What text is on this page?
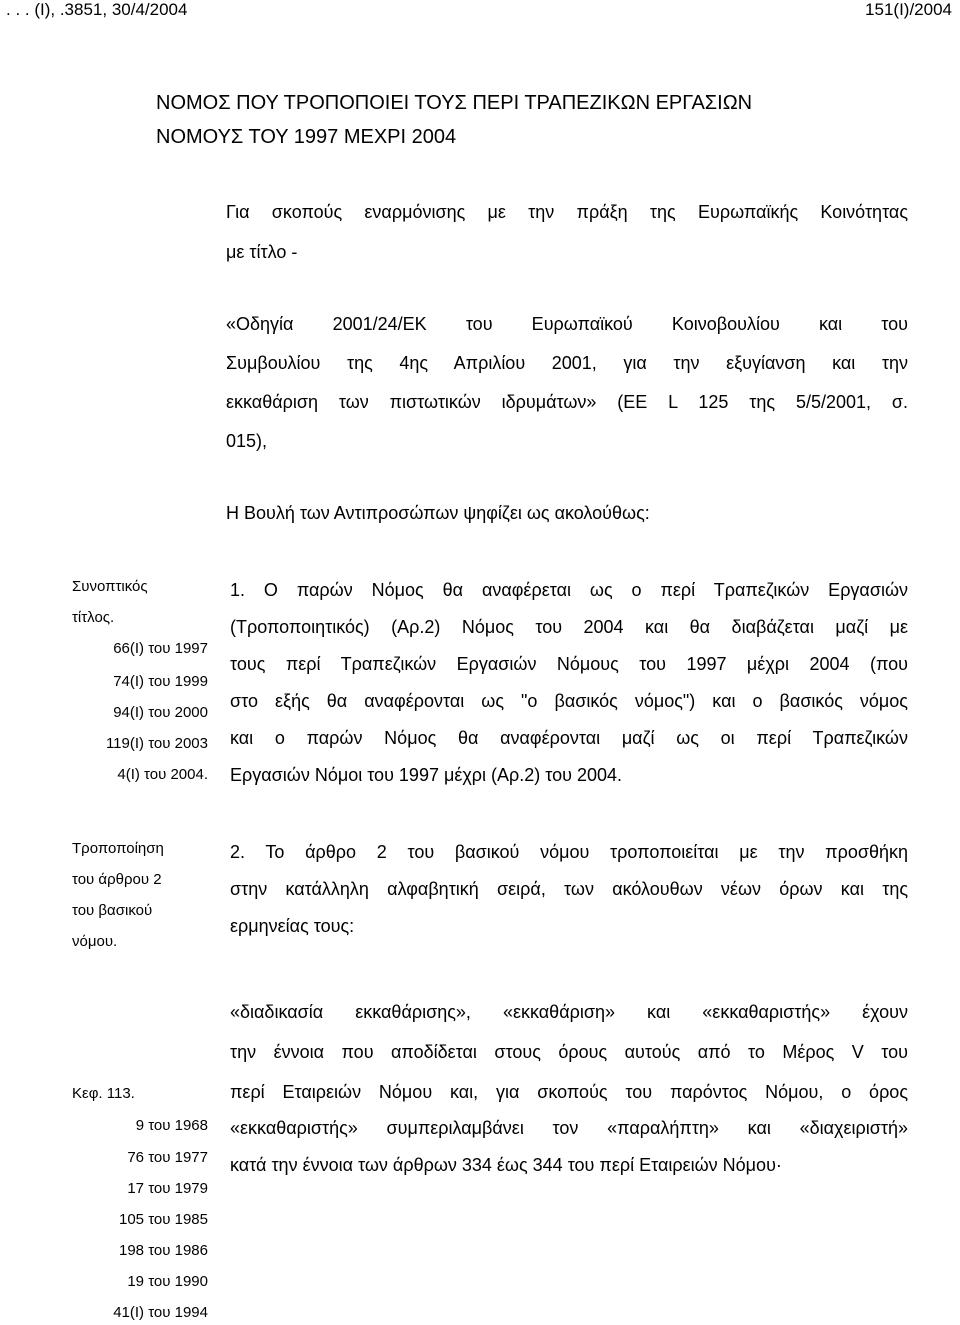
. . . (Ι), .3851, 30/4/2004	151(Ι)/2004
ΝΟΜΟΣ ΠΟΥ ΤΡΟΠΟΠΟΙΕΙ ΤΟΥΣ ΠΕΡΙ ΤΡΑΠΕΖΙΚΩΝ ΕΡΓΑΣΙΩΝ
ΝΟΜΟΥΣ ΤΟΥ 1997 ΜΕΧΡΙ 2004
Για σκοπούς εναρμόνισης με την πράξη της Ευρωπαϊκής Κοινότητας
με τίτλο -
«Οδηγία 2001/24/ΕΚ του Ευρωπαϊκού Κοινοβουλίου και του
Συμβουλίου της 4ης Απριλίου 2001, για την εξυγίανση και την
εκκαθάριση των πιστωτικών ιδρυμάτων» (ΕΕ L 125 της 5/5/2001, σ.
015),
Η Βουλή των Αντιπροσώπων ψηφίζει ως ακολούθως:
Συνοπτικός
τίτλος.
66(Ι) του 1997
74(Ι) του 1999
94(Ι) του 2000
119(Ι) του 2003
4(Ι) του 2004.
1. Ο παρών Νόμος θα αναφέρεται ως ο περί Τραπεζικών Εργασιών
(Τροποποιητικός) (Αρ.2) Νόμος του 2004 και θα διαβάζεται μαζί με
τους περί Τραπεζικών Εργασιών Νόμους του 1997 μέχρι 2004 (που
στο εξής θα αναφέρονται ως "ο βασικός νόμος") και ο βασικός νόμος
και ο παρών Νόμος θα αναφέρονται μαζί ως οι περί Τραπεζικών
Εργασιών Νόμοι του 1997 μέχρι (Αρ.2) του 2004.
Τροποποίηση
του άρθρου 2
του βασικού
νόμου.
2. Το άρθρο 2 του βασικού νόμου τροποποιείται με την προσθήκη
στην κατάλληλη αλφαβητική σειρά, των ακόλουθων νέων όρων και της
ερμηνείας τους:
Κεφ. 113.
9 του 1968
76 του 1977
17 του 1979
105 του 1985
198 του 1986
19 του 1990
41(Ι) του 1994
«διαδικασία εκκαθάρισης», «εκκαθάριση» και «εκκαθαριστής» έχουν
την έννοια που αποδίδεται στους όρους αυτούς από το Μέρος V του
περί Εταιρειών Νόμου και, για σκοπούς του παρόντος Νόμου, ο όρος
«εκκαθαριστής» συμπεριλαμβάνει τον «παραλήπτη» και «διαχειριστή»
κατά την έννοια των άρθρων 334 έως 344 του περί Εταιρειών Νόμου·
